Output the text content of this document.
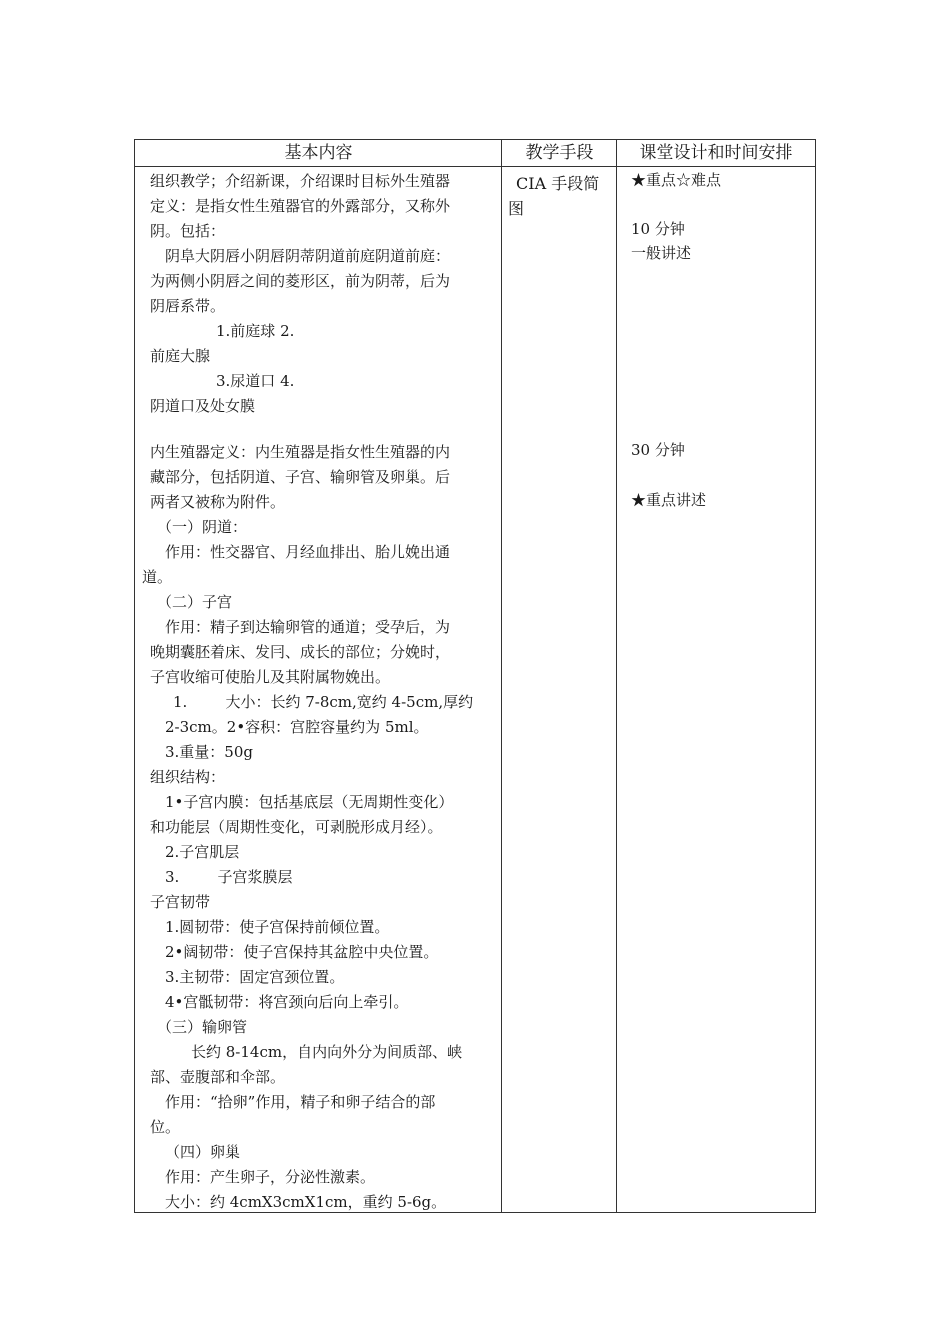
基本内容	教学手段	课堂设计和时间安排
组织教学；介绍新课，介绍课时目标外生殖器
定义：是指女性生殖器官的外露部分，又称外
阴。包括：
阴阜大阴唇小阴唇阴蒂阴道前庭阴道前庭：
为两侧小阴唇之间的菱形区，前为阴蒂，后为
阴唇系带。
1.前庭球 2.
前庭大腺
3.尿道口 4.
阴道口及处女膜
内生殖器定义：内生殖器是指女性生殖器的内
藏部分，包括阴道、子宫、输卵管及卵巢。后
两者又被称为附件。
（一）阴道：
作用：性交器官、月经血排出、胎儿娩出通
道。
（二）子宫
作用：精子到达输卵管的通道；受孕后，为
晚期囊胚着床、发冃、成长的部位；分娩时，
子宫收缩可使胎儿及其附属物娩出。
1.        大小：长约 7-8cm,宽约 4-5cm,厚约
2-3cm。2•容积：宫腔容量约为 5ml。
3.重量：50g
组织结构：
1•子宫内膜：包括基底层（无周期性变化）
和功能层（周期性变化，可剥脱形成月经）。
2.子宫肌层
3.        子宫浆膜层
子宫韧带
1.圆韧带：使子宫保持前倾位置。
2•阔韧带：使子宫保持其盆腔中央位置。
3.主韧带：固定宫颈位置。
4•宫骶韧带：将宫颈向后向上牵引。
（三）输卵管
长约 8-14cm，自内向外分为间质部、峡
部、壶腹部和伞部。
作用：“拾卵”作用，精子和卵子结合的部
位。
（四）卵巢
作用：产生卵子，分泌性激素。
大小：约 4cmX3cmX1cm，重约 5-6g。
CIA 手段简
图
★重点☆难点
10 分钟
一般讲述
30 分钟
★重点讲述
